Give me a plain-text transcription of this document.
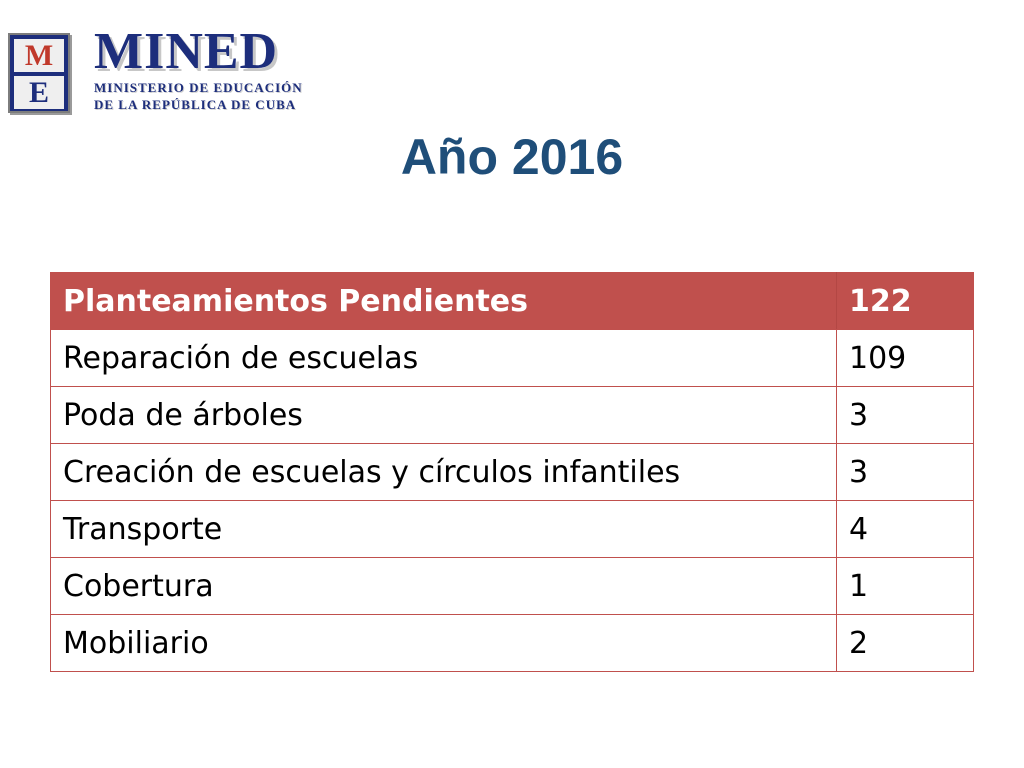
M
E
MINED
MINISTERIO DE EDUCACIÓN
DE LA REPÚBLICA DE CUBA
Año 2016
Planteamientos Pendientes	122
Reparación de escuelas	109
Poda de árboles	3
Creación de escuelas y círculos infantiles	3
Transporte	4
Cobertura	1
Mobiliario	2
